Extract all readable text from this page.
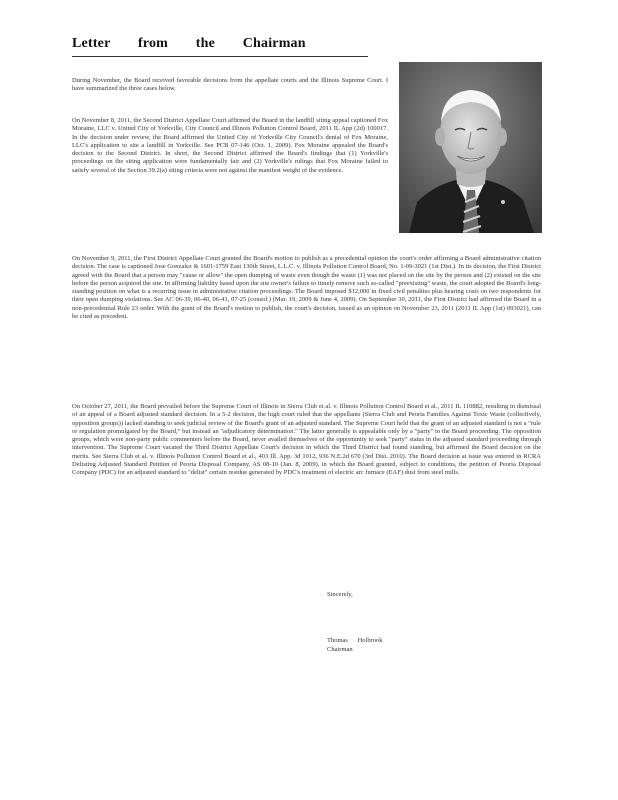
Letter from the Chairman

During November, the Board received favorable decisions from the appellate courts and the Illinois Supreme Court. I have summarized the three cases below.

On November 8, 2011, the Second District Appellate Court affirmed the Board in the landfill siting appeal captioned Fox Moraine, LLC v. United City of Yorkville, City Council and Illinois Pollution Control Board, 2011 IL App (2d) 100017. In the decision under review, the Board affirmed the United City of Yorkville City Council's denial of Fox Moraine, LLC's application to site a landfill in Yorkville. See PCB 07-146 (Oct. 1, 2009). Fox Moraine appealed the Board's decision to the Second District. In short, the Second District affirmed the Board's findings that (1) Yorkville's proceedings on the siting application were fundamentally fair and (2) Yorkville's rulings that Fox Moraine failed to satisfy several of the Section 39.2(a) siting criteria were not against the manifest weight of the evidence.

On November 9, 2011, the First District Appellate Court granted the Board's motion to publish as a precedential opinion the court's order affirming a Board administrative citation decision. The case is captioned Jose Gonzalez & 1601-1759 East 130th Street, L.L.C. v. Illinois Pollution Control Board, No. 1-09-3021 (1st Dist.). In its decision, the First District agreed with the Board that a person may "cause or allow" the open dumping of waste even though the waste (1) was not placed on the site by the person and (2) existed on the site before the person acquired the site. In affirming liability based upon the site owner's failure to timely remove such so-called "preexisting" waste, the court adopted the Board's long-standing position on what is a recurring issue in administrative citation proceedings. The Board imposed $12,000 in fixed civil penalties plus hearing costs on two respondents for their open dumping violations. See AC 06-39, 06-40, 06-41, 07-25 (consol.) (Mar. 19, 2009 & June 4, 2009). On September 30, 2011, the First District had affirmed the Board in a non-precedential Rule 23 order. With the grant of the Board's motion to publish, the court's decision, issued as an opinion on November 23, 2011 (2011 IL App (1st) 093021), can be cited as precedent.

On October 27, 2011, the Board prevailed before the Supreme Court of Illinois in Sierra Club et al. v. Illinois Pollution Control Board et al., 2011 IL 110882, resulting in dismissal of an appeal of a Board adjusted standard decision. In a 5-2 decision, the high court ruled that the appellants (Sierra Club and Peoria Families Against Toxic Waste (collectively, opposition groups)) lacked standing to seek judicial review of the Board's grant of an adjusted standard. The Supreme Court held that the grant of an adjusted standard is not a "rule or regulation promulgated by the Board," but instead an "adjudicatory determination." The latter generally is appealable only by a "party" to the Board proceeding. The opposition groups, which were non-party public commenters before the Board, never availed themselves of the opportunity to seek "party" status in the adjusted standard proceeding through intervention. The Supreme Court vacated the Third District Appellate Court's decision in which the Third District had found standing, but affirmed the Board decision on the merits. See Sierra Club et al. v. Illinois Pollution Control Board et al., 403 Ill. App. 3d 1012, 936 N.E.2d 670 (3rd Dist. 2010). The Board decision at issue was entered in RCRA Delisting Adjusted Standard Petition of Peoria Disposal Company, AS 08-10 (Jan. 8, 2009), in which the Board granted, subject to conditions, the petition of Peoria Disposal Company (PDC) for an adjusted standard to "delist" certain residue generated by PDC's treatment of electric arc furnace (EAF) dust from steel mills.

Sincerely,
Thomas Holbrook
Chairman
